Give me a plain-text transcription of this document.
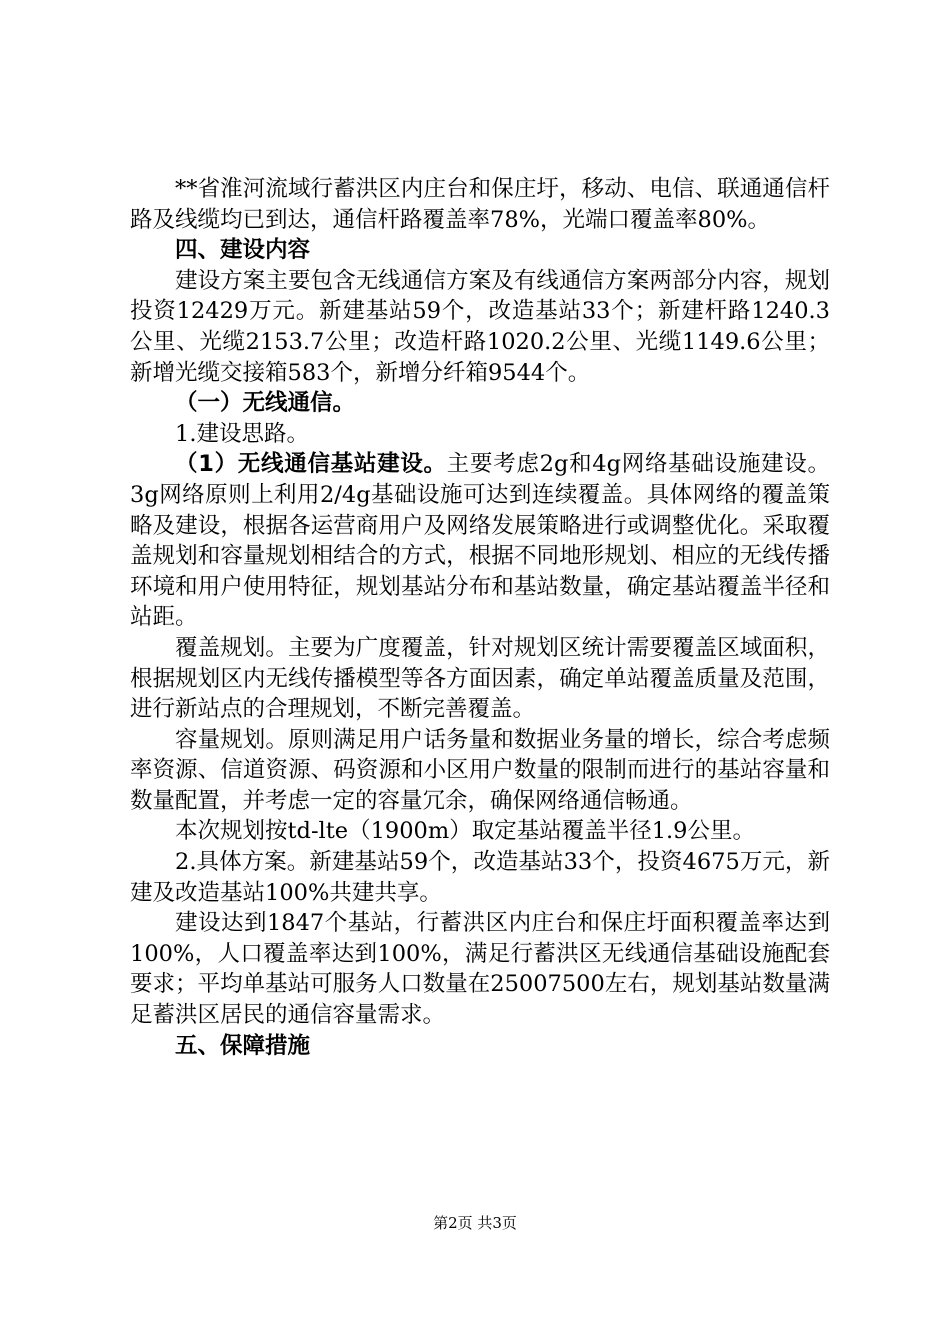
**省淮河流域行蓄洪区内庄台和保庄圩，移动、电信、联通通信杆路及线缆均已到达，通信杆路覆盖率78%，光端口覆盖率80%。

四、建设内容

建设方案主要包含无线通信方案及有线通信方案两部分内容，规划投资12429万元。新建基站59个，改造基站33个；新建杆路1240.3公里、光缆2153.7公里；改造杆路1020.2公里、光缆1149.6公里；新增光缆交接箱583个，新增分纤箱9544个。

（一）无线通信。

1.建设思路。

（1）无线通信基站建设。主要考虑2g和4g网络基础设施建设。3g网络原则上利用2/4g基础设施可达到连续覆盖。具体网络的覆盖策略及建设，根据各运营商用户及网络发展策略进行或调整优化。采取覆盖规划和容量规划相结合的方式，根据不同地形规划、相应的无线传播环境和用户使用特征，规划基站分布和基站数量，确定基站覆盖半径和站距。

覆盖规划。主要为广度覆盖，针对规划区统计需要覆盖区域面积，根据规划区内无线传播模型等各方面因素，确定单站覆盖质量及范围，进行新站点的合理规划，不断完善覆盖。

容量规划。原则满足用户话务量和数据业务量的增长，综合考虑频率资源、信道资源、码资源和小区用户数量的限制而进行的基站容量和数量配置，并考虑一定的容量冗余，确保网络通信畅通。

本次规划按td-lte（1900m）取定基站覆盖半径1.9公里。

2.具体方案。新建基站59个，改造基站33个，投资4675万元，新建及改造基站100%共建共享。

建设达到1847个基站，行蓄洪区内庄台和保庄圩面积覆盖率达到100%，人口覆盖率达到100%，满足行蓄洪区无线通信基础设施配套要求；平均单基站可服务人口数量在25007500左右，规划基站数量满足蓄洪区居民的通信容量需求。

五、保障措施

第2页 共3页
